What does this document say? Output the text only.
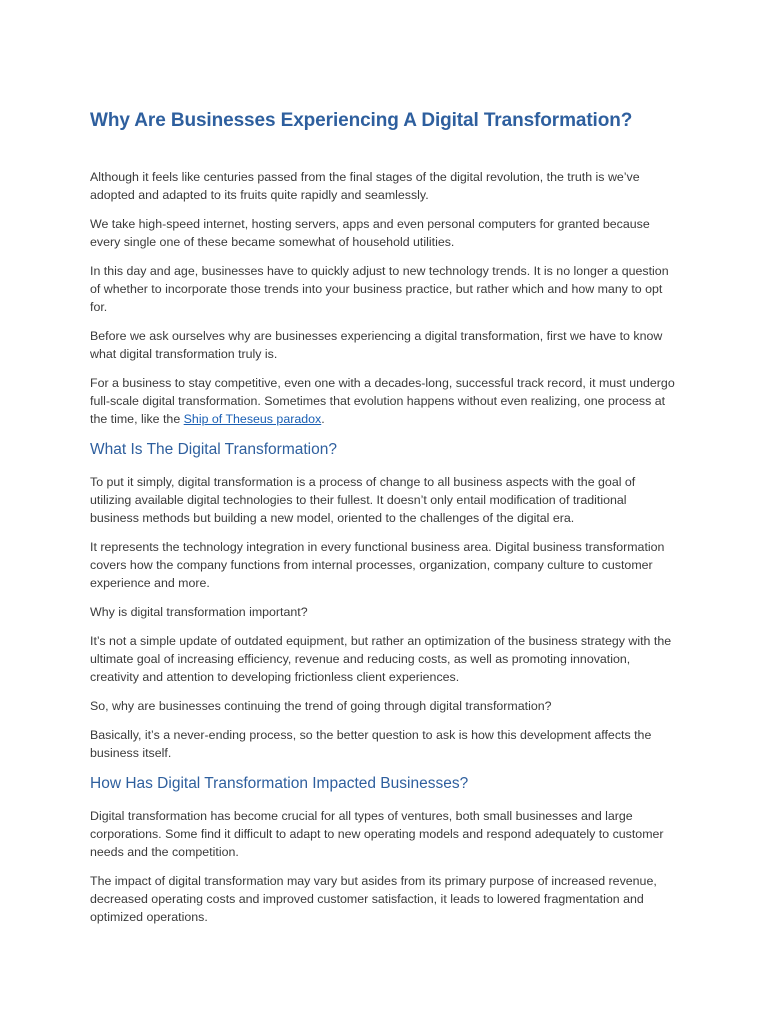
Why Are Businesses Experiencing A Digital Transformation?

Although it feels like centuries passed from the final stages of the digital revolution, the truth is we’ve adopted and adapted to its fruits quite rapidly and seamlessly.

We take high-speed internet, hosting servers, apps and even personal computers for granted because every single one of these became somewhat of household utilities.

In this day and age, businesses have to quickly adjust to new technology trends. It is no longer a question of whether to incorporate those trends into your business practice, but rather which and how many to opt for.

Before we ask ourselves why are businesses experiencing a digital transformation, first we have to know what digital transformation truly is.

For a business to stay competitive, even one with a decades-long, successful track record, it must undergo full-scale digital transformation. Sometimes that evolution happens without even realizing, one process at the time, like the Ship of Theseus paradox.

What Is The Digital Transformation?

To put it simply, digital transformation is a process of change to all business aspects with the goal of utilizing available digital technologies to their fullest. It doesn’t only entail modification of traditional business methods but building a new model, oriented to the challenges of the digital era.

It represents the technology integration in every functional business area. Digital business transformation covers how the company functions from internal processes, organization, company culture to customer experience and more.

Why is digital transformation important?

It’s not a simple update of outdated equipment, but rather an optimization of the business strategy with the ultimate goal of increasing efficiency, revenue and reducing costs, as well as promoting innovation, creativity and attention to developing frictionless client experiences.

So, why are businesses continuing the trend of going through digital transformation?

Basically, it’s a never-ending process, so the better question to ask is how this development affects the business itself.

How Has Digital Transformation Impacted Businesses?

Digital transformation has become crucial for all types of ventures, both small businesses and large corporations. Some find it difficult to adapt to new operating models and respond adequately to customer needs and the competition.

The impact of digital transformation may vary but asides from its primary purpose of increased revenue, decreased operating costs and improved customer satisfaction, it leads to lowered fragmentation and optimized operations.
